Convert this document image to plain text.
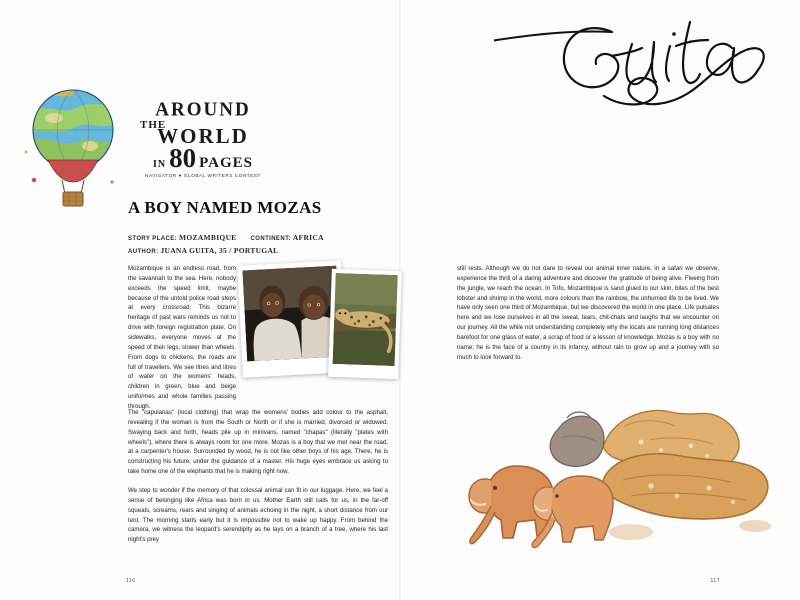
AROUND
THE
WORLD
IN 80 PAGES
NAVIGATOR ● GLOBAL WRITERS CONTEST
A BOY NAMED MOZAS
STORY PLACE: MOZAMBIQUE CONTINENT: AFRICA
AUTHOR: JUANA GUITA, 35 / PORTUGAL

Mozambique is an endless road, from the savannah to the sea. Here, nobody exceeds the speed limit, maybe because of the untold police road steps at every crossroad. This bizarre heritage of past wars reminds us not to drive with foreign registration plate. On sidewalks, everyone moves at the speed of their legs, slower than wheels. From dogs to chickens, the roads are full of travellers. We see litres and litres of water on the womens' heads, children in green, blue and beige uniformes and whole families passing through.

The "capulanas" (local clothing) that wrap the womens' bodies add colour to the asphalt, revealing if the woman is from the South or North or if she is married, divorced or widowed. Swaying back and forth, heads pile up in minivans, named "chapas" (literally "plates with wheels"), where there is always room for one more. Mozas is a boy that we met near the road, at a carpenter's house. Surrounded by wood, he is not like other boys of his age. There, he is constructing his future, under the guidance of a master. His huge eyes embrace us asking to take home one of the elephants that he is making right now.

We step to wonder if the memory of that colossal animal can fit in our luggage. Here, we feel a sense of belonging like Africa was born in us. Mother Earth still calls for us, in the far-off squeals, screams, rears and singing of animals echoing in the night, a short distance from our tent. The morning starts early but it is impossible not to wake up happy. From behind the camera, we witness the leopard's serendipity as he lays on a branch of a tree, where his last night's prey

still rests. Although we do not dare to reveal our animal inner nature, in a safari we observe, experience the thrill of a daring adventure and discover the gratitude of being alive. Fleeing from the jungle, we reach the ocean. In Tofo, Mozambique is sand glued to our skin, bites of the best lobster and shrimp in the world, more colours than the rainbow, the unhurried life to be lived. We have only seen one third of Mozambique, but we discovered the world in one place. Life pulsates here and we lose ourselves in all the sweat, tears, chit-chats and laughs that we encounter on our journey. All the while not understanding completely why the locals are running long distances barefoot for one glass of water, a scrap of food or a lesson of knowledge. Mozas is a boy with no name; he is the face of a country in its infancy, without rain to grow up and a journey with so much to look forward to.

116	117
